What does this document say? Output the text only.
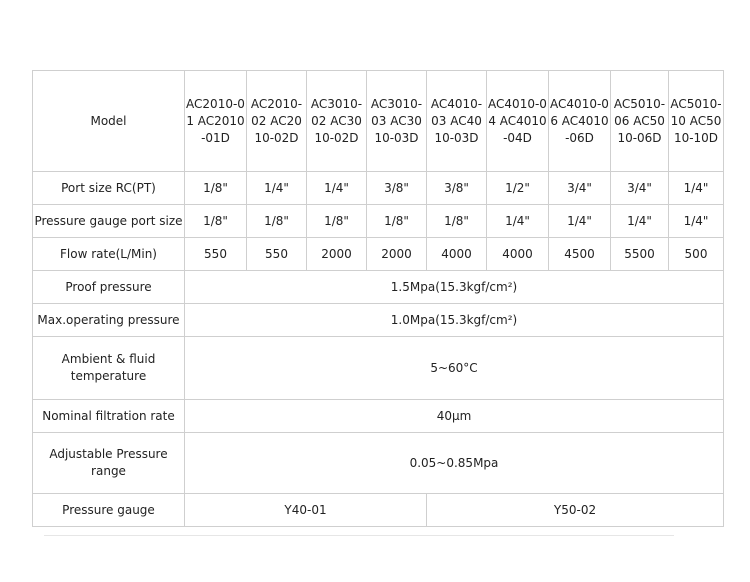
Model	AC2010-01 AC2010-01D	AC2010-02 AC2010-02D	AC3010-02 AC3010-02D	AC3010-03 AC3010-03D	AC4010-03 AC4010-03D	AC4010-04 AC4010-04D	AC4010-06 AC4010-06D	AC5010-06 AC5010-06D	AC5010-10 AC5010-10D
Port size RC(PT)	1/8"	1/4"	1/4"	3/8"	3/8"	1/2"	3/4"	3/4"	1/4"
Pressure gauge port size	1/8"	1/8"	1/8"	1/8"	1/8"	1/4"	1/4"	1/4"	1/4"
Flow rate(L/Min)	550	550	2000	2000	4000	4000	4500	5500	500
Proof pressure	1.5Mpa(15.3kgf/cm²)								
Max.operating pressure	1.0Mpa(15.3kgf/cm²)								
Ambient & fluid temperature	5~60°C								
Nominal filtration rate	40μm								
Adjustable Pressure range	0.05~0.85Mpa								
Pressure gauge	Y40-01				Y50-02				
